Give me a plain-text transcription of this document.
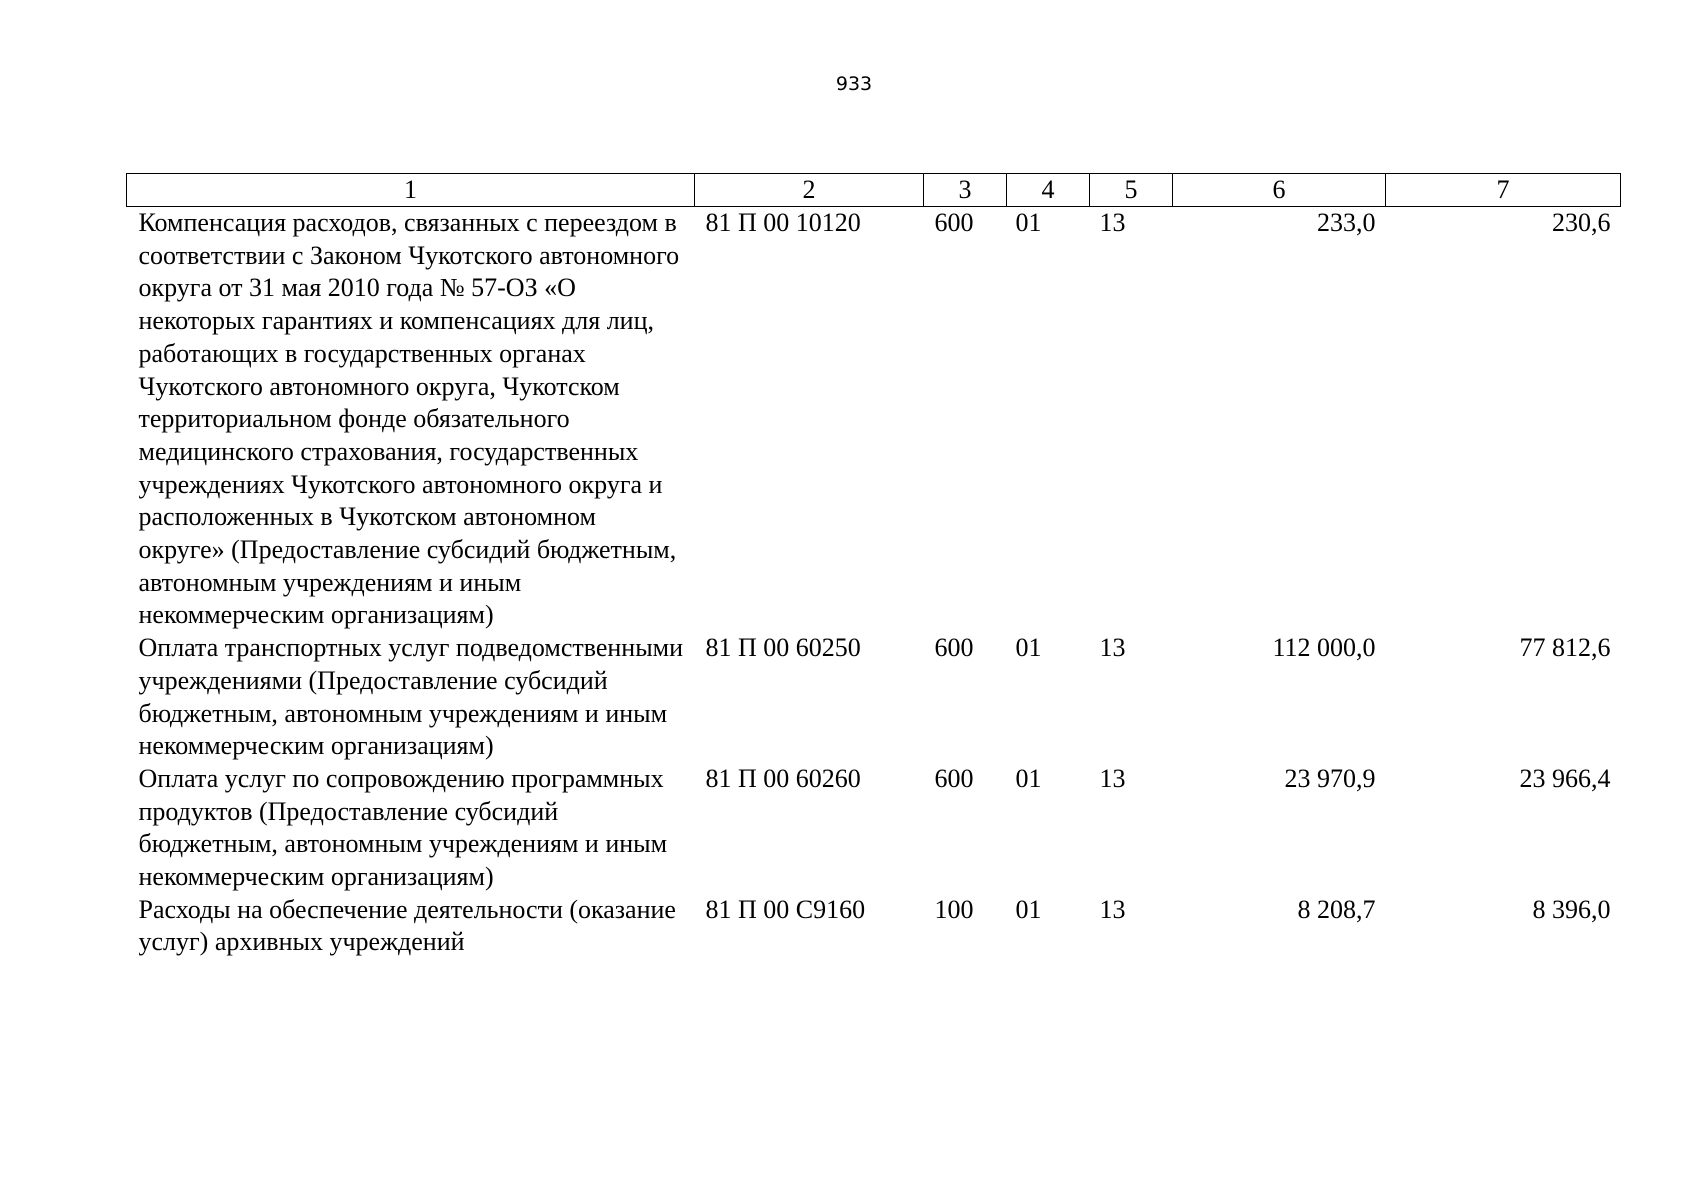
933
1	2	3	4	5	6	7
Компенсация расходов, связанных с переездом в соответствии с Законом Чукотского автономного округа от 31 мая 2010 года № 57-ОЗ «О некоторых гарантиях и компенсациях для лиц, работающих в государственных органах Чукотского автономного округа, Чукотском территориальном фонде обязательного медицинского страхования, государственных учреждениях Чукотского автономного округа и расположенных в Чукотском автономном округе» (Предоставление субсидий бюджетным, автономным учреждениям и иным некоммерческим организациям)	81 П 00 10120	600	01	13	233,0	230,6
Оплата транспортных услуг подведомственными учреждениями (Предоставление субсидий бюджетным, автономным учреждениям и иным некоммерческим организациям)	81 П 00 60250	600	01	13	112 000,0	77 812,6
Оплата услуг по сопровождению программных продуктов (Предоставление субсидий бюджетным, автономным учреждениям и иным некоммерческим организациям)	81 П 00 60260	600	01	13	23 970,9	23 966,4
Расходы на обеспечение деятельности (оказание услуг) архивных учреждений	81 П 00 С9160	100	01	13	8 208,7	8 396,0
